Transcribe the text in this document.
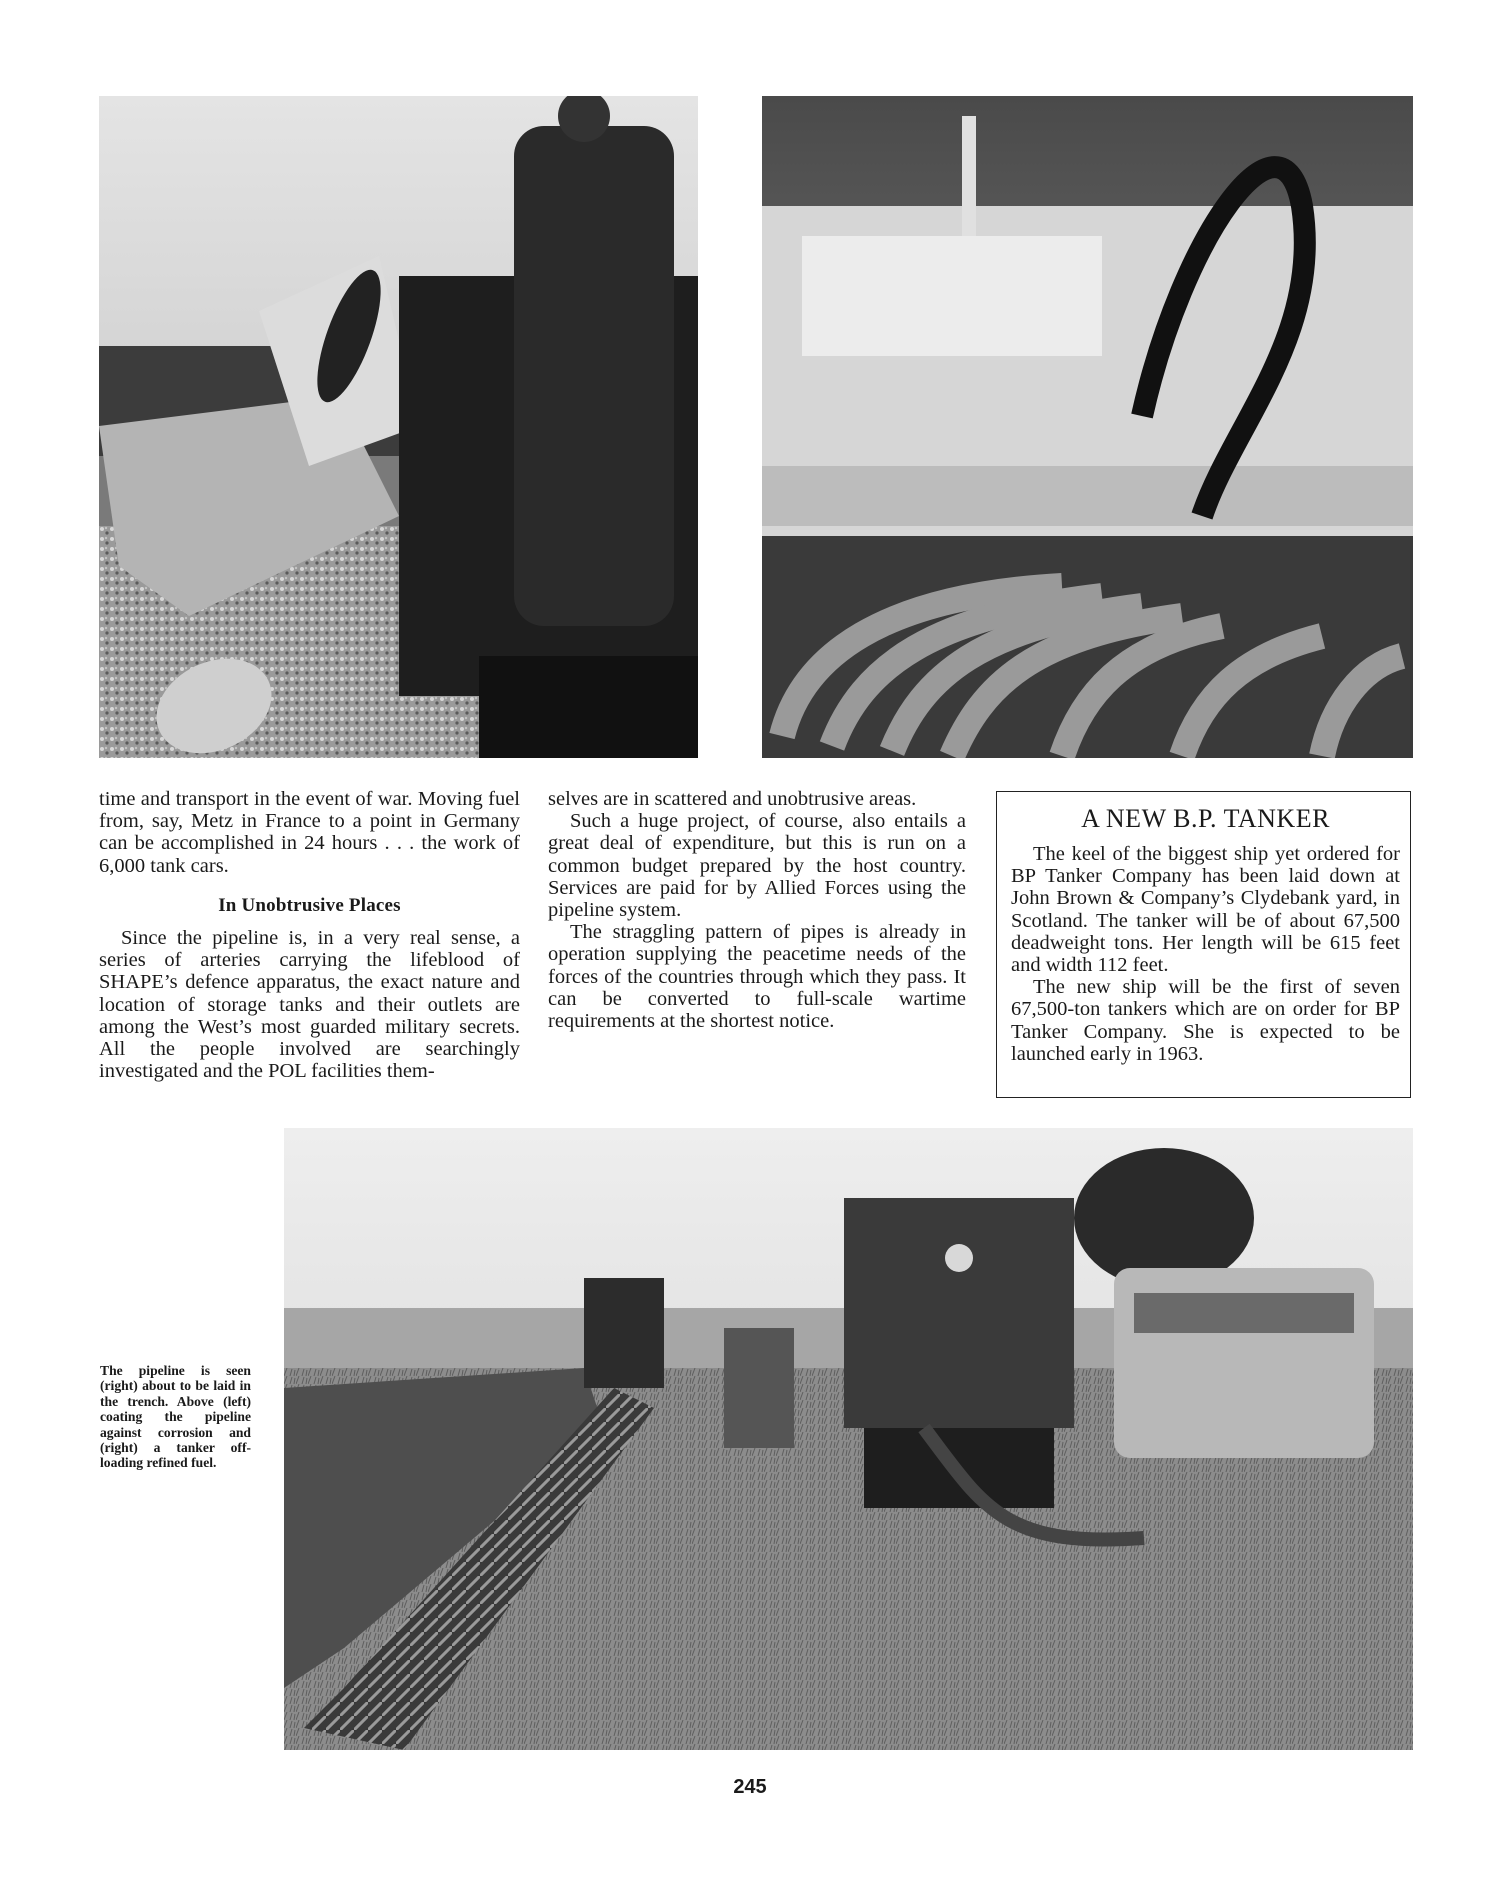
time and transport in the event of war. Moving fuel from, say, Metz in France to a point in Germany can be accomplished in 24 hours . . . the work of 6,000 tank cars.

In Unobtrusive Places

Since the pipeline is, in a very real sense, a series of arteries carrying the lifeblood of SHAPE’s defence apparatus, the exact nature and location of storage tanks and their outlets are among the West’s most guarded military secrets. All the people involved are searchingly investigated and the POL facilities them-

selves are in scattered and unobtrusive areas.

Such a huge project, of course, also entails a great deal of expenditure, but this is run on a common budget prepared by the host country. Services are paid for by Allied Forces using the pipeline system.

The straggling pattern of pipes is already in operation supplying the peacetime needs of the forces of the countries through which they pass. It can be converted to full-scale wartime requirements at the shortest notice.

A NEW B.P. TANKER

The keel of the biggest ship yet ordered for BP Tanker Company has been laid down at John Brown & Company’s Clydebank yard, in Scotland. The tanker will be of about 67,500 deadweight tons. Her length will be 615 feet and width 112 feet.

The new ship will be the first of seven 67,500-ton tankers which are on order for BP Tanker Company. She is expected to be launched early in 1963.

The pipeline is seen (right) about to be laid in the trench. Above (left) coating the pipeline against corrosion and (right) a tanker off-loading refined fuel.
245
